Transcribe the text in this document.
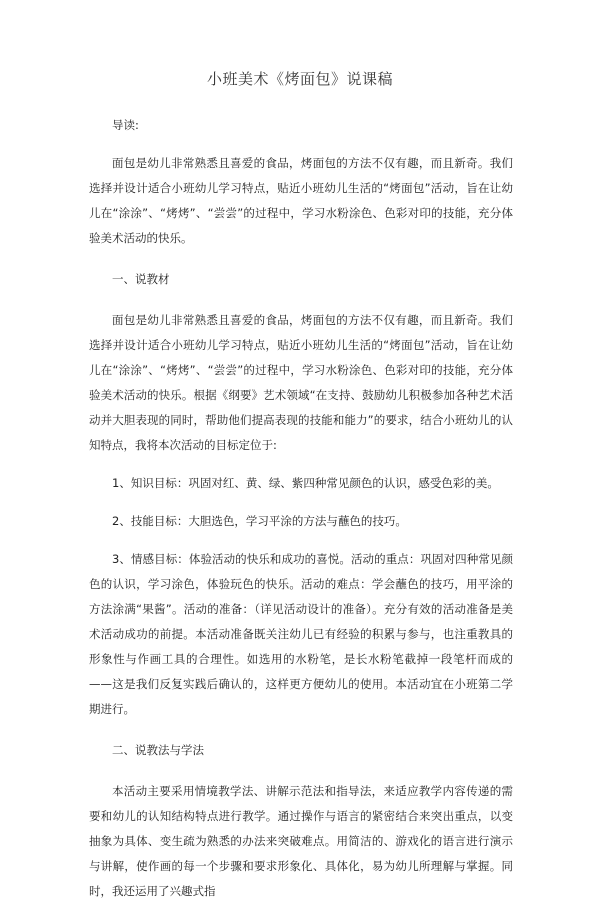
小班美术《烤面包》说课稿

导读:

面包是幼儿非常熟悉且喜爱的食品，烤面包的方法不仅有趣，而且新奇。我们选择并设计适合小班幼儿学习特点，贴近小班幼儿生活的“烤面包”活动，旨在让幼儿在“涂涂”、“烤烤”、“尝尝”的过程中，学习水粉涂色、色彩对印的技能，充分体验美术活动的快乐。

一、说教材

面包是幼儿非常熟悉且喜爱的食品，烤面包的方法不仅有趣，而且新奇。我们选择并设计适合小班幼儿学习特点，贴近小班幼儿生活的“烤面包”活动，旨在让幼儿在“涂涂”、“烤烤”、“尝尝”的过程中，学习水粉涂色、色彩对印的技能，充分体验美术活动的快乐。根据《纲要》艺术领域“在支持、鼓励幼儿积极参加各种艺术活动并大胆表现的同时，帮助他们提高表现的技能和能力”的要求，结合小班幼儿的认知特点，我将本次活动的目标定位于:

1、知识目标：巩固对红、黄、绿、紫四种常见颜色的认识，感受色彩的美。

2、技能目标：大胆选色，学习平涂的方法与蘸色的技巧。

3、情感目标：体验活动的快乐和成功的喜悦。活动的重点：巩固对四种常见颜色的认识，学习涂色，体验玩色的快乐。活动的难点：学会蘸色的技巧，用平涂的方法涂满“果酱”。活动的准备：（详见活动设计的准备）。充分有效的活动准备是美术活动成功的前提。本活动准备既关注幼儿已有经验的积累与参与，也注重教具的形象性与作画工具的合理性。如选用的水粉笔，是长水粉笔截掉一段笔杆而成的——这是我们反复实践后确认的，这样更方便幼儿的使用。本活动宜在小班第二学期进行。

二、说教法与学法

本活动主要采用情境教学法、讲解示范法和指导法，来适应教学内容传递的需要和幼儿的认知结构特点进行教学。通过操作与语言的紧密结合来突出重点，以变抽象为具体、变生疏为熟悉的办法来突破难点。用简洁的、游戏化的语言进行演示与讲解，使作画的每一个步骤和要求形象化、具体化，易为幼儿所理解与掌握。同时，我还运用了兴趣式指
